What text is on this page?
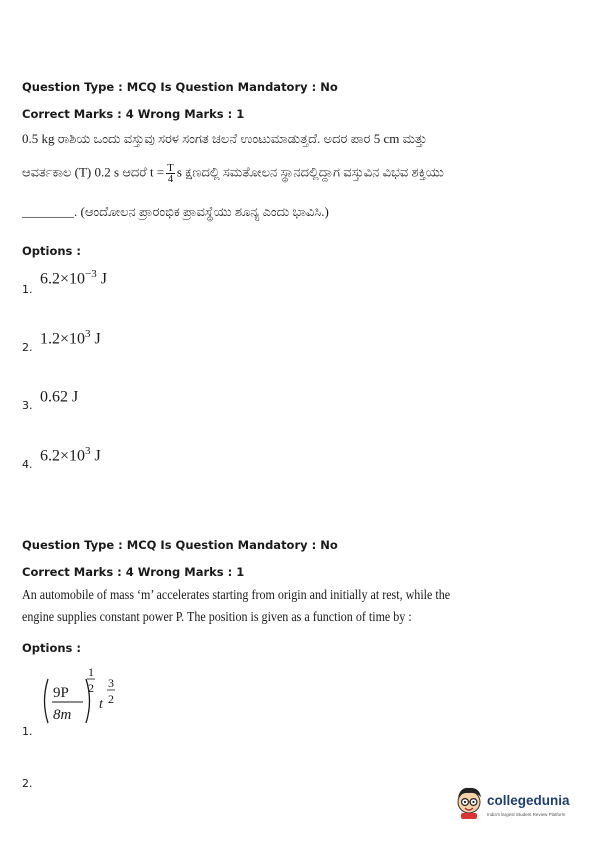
Question Type : MCQ Is Question Mandatory : No
Correct Marks : 4 Wrong Marks : 1
0.5 kg ರಾಶಿಯ ಒಂದು ವಸ್ತುವು ಸರಳ ಸಂಗತ ಚಲನೆ ಉಂಟುಮಾಡುತ್ತದೆ. ಅದರ ಪಾರ 5 cm ಮತ್ತು
ಆವರ್ತಕಾಲ (T) 0.2 s ಆದರೆ $t = \frac{T}{4}$ s ಕ್ಷಣದಲ್ಲಿ ಸಮತೋಲನ ಸ್ಥಾನದಲ್ಲಿದ್ದಾಗ ವಸ್ತುವಿನ ವಿಭವ ಶಕ್ತಿಯು
________. (ಆಂದೋಲನ ಪ್ರಾರಂಭಿಕ ಪ್ರಾವಸ್ಥೆಯು ಶೂನ್ಯ ಎಂದು ಭಾವಿಸಿ.)
Options :
1.
$6.2\times 10^{-3}$ J
2.
$1.2\times 10^3$ J
3.
0.62 J
4.
$6.2\times 10^3$ J
Question Type : MCQ Is Question Mandatory : No
Correct Marks : 4 Wrong Marks : 1
An automobile of mass ‘m’ accelerates starting from origin and initially at rest, while the
engine supplies constant power P. The position is given as a function of time by :
Options :
1.
9P
8m
1
2
t
3
2
2.
collegedunia
India's largest Student Review Platform
